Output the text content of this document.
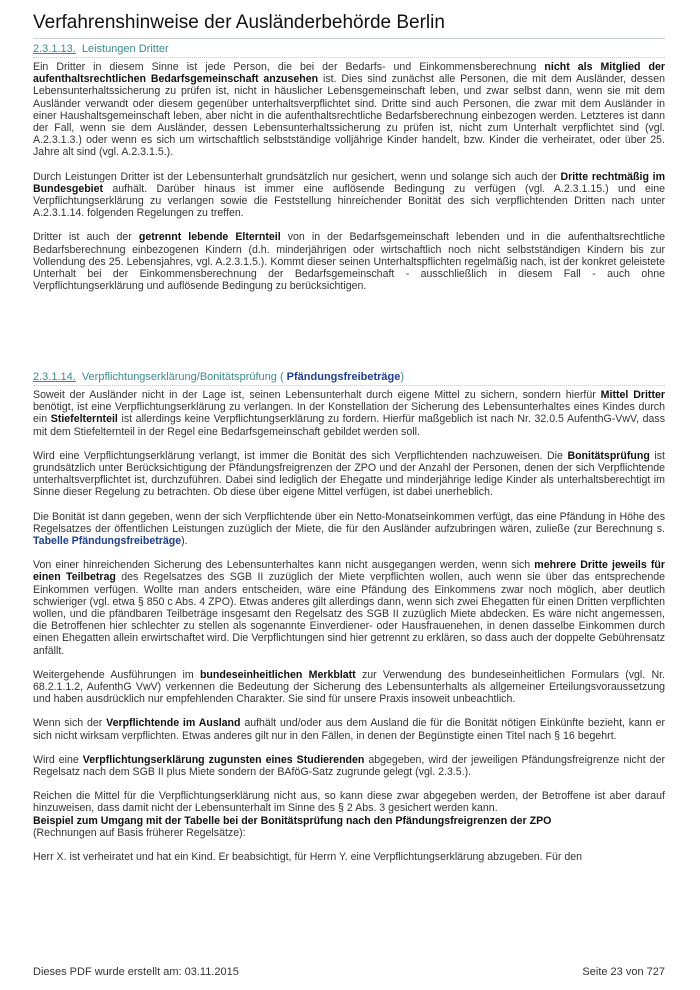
Verfahrenshinweise der Ausländerbehörde Berlin
2.3.1.13. Leistungen Dritter

Ein Dritter in diesem Sinne ist jede Person, die bei der Bedarfs- und Einkommensberechnung nicht als Mitglied der aufenthaltsrechtlichen Bedarfsgemeinschaft anzusehen ist. Dies sind zunächst alle Personen, die mit dem Ausländer, dessen Lebensunterhaltssicherung zu prüfen ist, nicht in häuslicher Lebensgemeinschaft leben, und zwar selbst dann, wenn sie mit dem Ausländer verwandt oder diesem gegenüber unterhaltsverpflichtet sind. Dritte sind auch Personen, die zwar mit dem Ausländer in einer Haushaltsgemeinschaft leben, aber nicht in die aufenthaltsrechtliche Bedarfsberechnung einbezogen werden. Letzteres ist dann der Fall, wenn sie dem Ausländer, dessen Lebensunterhaltssicherung zu prüfen ist, nicht zum Unterhalt verpflichtet sind (vgl. A.2.3.1.3.) oder wenn es sich um wirtschaftlich selbstständige volljährige Kinder handelt, bzw. Kinder die verheiratet, oder über 25. Jahre alt sind (vgl. A.2.3.1.5.).

Durch Leistungen Dritter ist der Lebensunterhalt grundsätzlich nur gesichert, wenn und solange sich auch der Dritte rechtmäßig im Bundesgebiet aufhält. Darüber hinaus ist immer eine auflösende Bedingung zu verfügen (vgl. A.2.3.1.15.) und eine Verpflichtungserklärung zu verlangen sowie die Feststellung hinreichender Bonität des sich verpflichtenden Dritten nach unter A.2.3.1.14. folgenden Regelungen zu treffen.

Dritter ist auch der getrennt lebende Elternteil von in der Bedarfsgemeinschaft lebenden und in die aufenthaltsrechtliche Bedarfsberechnung einbezogenen Kindern (d.h. minderjährigen oder wirtschaftlich noch nicht selbstständigen Kindern bis zur Vollendung des 25. Lebensjahres, vgl. A.2.3.1.5.). Kommt dieser seinen Unterhaltspflichten regelmäßig nach, ist der konkret geleistete Unterhalt bei der Einkommensberechnung der Bedarfsgemeinschaft - ausschließlich in diesem Fall - auch ohne Verpflichtungserklärung und auflösende Bedingung zu berücksichtigen.

2.3.1.14. Verpflichtungserklärung/Bonitätsprüfung ( Pfändungsfreibeträge)

Soweit der Ausländer nicht in der Lage ist, seinen Lebensunterhalt durch eigene Mittel zu sichern, sondern hierfür Mittel Dritter benötigt, ist eine Verpflichtungserklärung zu verlangen. In der Konstellation der Sicherung des Lebensunterhaltes eines Kindes durch ein Stiefelternteil ist allerdings keine Verpflichtungserklärung zu fordern. Hierfür maßgeblich ist nach Nr. 32.0.5 AufenthG-VwV, dass mit dem Stiefelternteil in der Regel eine Bedarfsgemeinschaft gebildet werden soll.

Wird eine Verpflichtungserklärung verlangt, ist immer die Bonität des sich Verpflichtenden nachzuweisen. Die Bonitätsprüfung ist grundsätzlich unter Berücksichtigung der Pfändungsfreigrenzen der ZPO und der Anzahl der Personen, denen der sich Verpflichtende unterhaltsverpflichtet ist, durchzuführen. Dabei sind lediglich der Ehegatte und minderjährige ledige Kinder als unterhaltsberechtigt im Sinne dieser Regelung zu betrachten. Ob diese über eigene Mittel verfügen, ist dabei unerheblich.

Die Bonität ist dann gegeben, wenn der sich Verpflichtende über ein Netto-Monatseinkommen verfügt, das eine Pfändung in Höhe des Regelsatzes der öffentlichen Leistungen zuzüglich der Miete, die für den Ausländer aufzubringen wären, zuließe (zur Berechnung s. Tabelle Pfändungsfreibeträge).

Von einer hinreichenden Sicherung des Lebensunterhaltes kann nicht ausgegangen werden, wenn sich mehrere Dritte jeweils für einen Teilbetrag des Regelsatzes des SGB II zuzüglich der Miete verpflichten wollen, auch wenn sie über das entsprechende Einkommen verfügen. Wollte man anders entscheiden, wäre eine Pfändung des Einkommens zwar noch möglich, aber deutlich schwieriger (vgl. etwa § 850 c Abs. 4 ZPO). Etwas anderes gilt allerdings dann, wenn sich zwei Ehegatten für einen Dritten verpflichten wollen, und die pfändbaren Teilbeträge insgesamt den Regelsatz des SGB II zuzüglich Miete abdecken. Es wäre nicht angemessen, die Betroffenen hier schlechter zu stellen als sogenannte Einverdiener- oder Hausfrauenehen, in denen dasselbe Einkommen durch einen Ehegatten allein erwirtschaftet wird. Die Verpflichtungen sind hier getrennt zu erklären, so dass auch der doppelte Gebührensatz anfällt.

Weitergehende Ausführungen im bundeseinheitlichen Merkblatt zur Verwendung des bundeseinheitlichen Formulars (vgl. Nr. 68.2.1.1.2, AufenthG VwV) verkennen die Bedeutung der Sicherung des Lebensunterhalts als allgemeiner Erteilungsvoraussetzung und haben ausdrücklich nur empfehlenden Charakter. Sie sind für unsere Praxis insoweit unbeachtlich.

Wenn sich der Verpflichtende im Ausland aufhält und/oder aus dem Ausland die für die Bonität nötigen Einkünfte bezieht, kann er sich nicht wirksam verpflichten. Etwas anderes gilt nur in den Fällen, in denen der Begünstigte einen Titel nach § 16 begehrt.

Wird eine Verpflichtungserklärung zugunsten eines Studierenden abgegeben, wird der jeweiligen Pfändungsfreigrenze nicht der Regelsatz nach dem SGB II plus Miete sondern der BAföG-Satz zugrunde gelegt (vgl. 2.3.5.).

Reichen die Mittel für die Verpflichtungserklärung nicht aus, so kann diese zwar abgegeben werden, der Betroffene ist aber darauf hinzuweisen, dass damit nicht der Lebensunterhalt im Sinne des § 2 Abs. 3 gesichert werden kann.

Beispiel zum Umgang mit der Tabelle bei der Bonitätsprüfung nach den Pfändungsfreigrenzen der ZPO
(Rechnungen auf Basis früherer Regelsätze):

Herr X. ist verheiratet und hat ein Kind. Er beabsichtigt, für Herrn Y. eine Verpflichtungserklärung abzugeben. Für den

Dieses PDF wurde erstellt am: 03.11.2015	Seite 23 von 727
